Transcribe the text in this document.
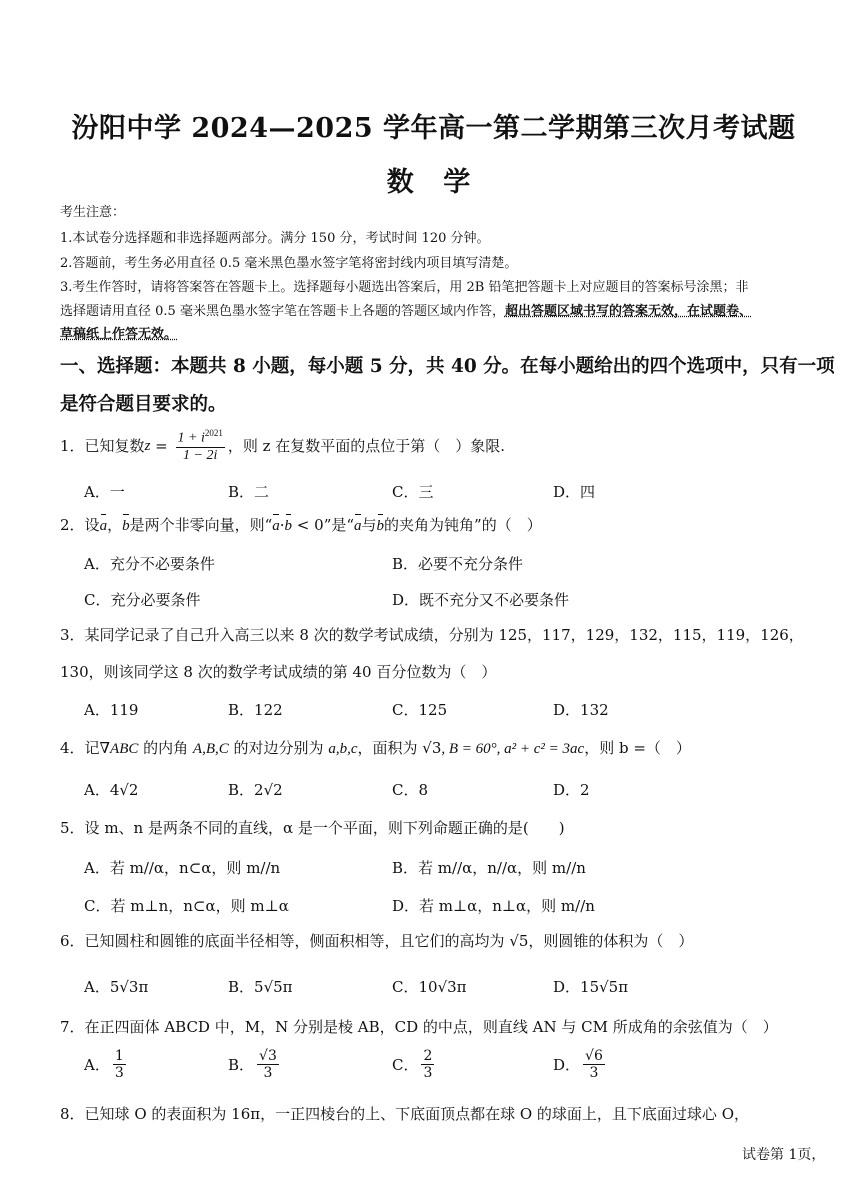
汾阳中学 2024—2025 学年高一第二学期第三次月考试题
数 学
考生注意：
1.本试卷分选择题和非选择题两部分。满分 150 分，考试时间 120 分钟。
2.答题前，考生务必用直径 0.5 毫米黑色墨水签字笔将密封线内项目填写清楚。
3.考生作答时，请将答案答在答题卡上。选择题每小题选出答案后，用 2B 铅笔把答题卡上对应题目的答案标号涂黑；非
选择题请用直径 0.5 毫米黑色墨水签字笔在答题卡上各题的答题区域内作答，超出答题区域书写的答案无效，在试题卷、
草稿纸上作答无效。
一、选择题：本题共 8 小题，每小题 5 分，共 40 分。在每小题给出的四个选项中，只有一项
是符合题目要求的。
1． 已知复数 $z = \frac{1 + i^{2021}}{1 - 2i}$ ，则 z 在复数平面的点位于第（　）象限.
A．一	B．二	C．三	D．四
2．设a，b是两个非零向量，则“a·b < 0”是“a与b的夹角为钝角”的（　）
A．充分不必要条件	B．必要不充分条件
C．充分必要条件	D．既不充分又不必要条件
3．某同学记录了自己升入高三以来 8 次的数学考试成绩，分别为 125，117，129，132，115，119，126，
130，则该同学这 8 次的数学考试成绩的第 40 百分位数为（　）
A．119	B．122	C．125	D．132
4．记∇ABC 的内角 A,B,C 的对边分别为 a,b,c，面积为 √3, B = 60°, a² + c² = 3ac，则 b =（　）
A．4√2	B．2√2	C．8	D．2
5．设 m、n 是两条不同的直线，α 是一个平面，则下列命题正确的是(　　)
A．若 m//α，n⊂α，则 m//n	B．若 m//α，n//α，则 m//n
C．若 m⊥n，n⊂α，则 m⊥α	D．若 m⊥α，n⊥α，则 m//n
6．已知圆柱和圆锥的底面半径相等，侧面积相等，且它们的高均为 √5，则圆锥的体积为（　）
A．5√3π	B．5√5π	C．10√3π	D．15√5π
7．在正四面体 ABCD 中，M，N 分别是棱 AB，CD 的中点，则直线 AN 与 CM 所成角的余弦值为（　）
A． $\frac{1}{3}$	B． $\frac{√3}{3}$	C． $\frac{2}{3}$	D． $\frac{√6}{3}$
8．已知球 O 的表面积为 16π，一正四棱台的上、下底面顶点都在球 O 的球面上，且下底面过球心 O，
试卷第 1页，
